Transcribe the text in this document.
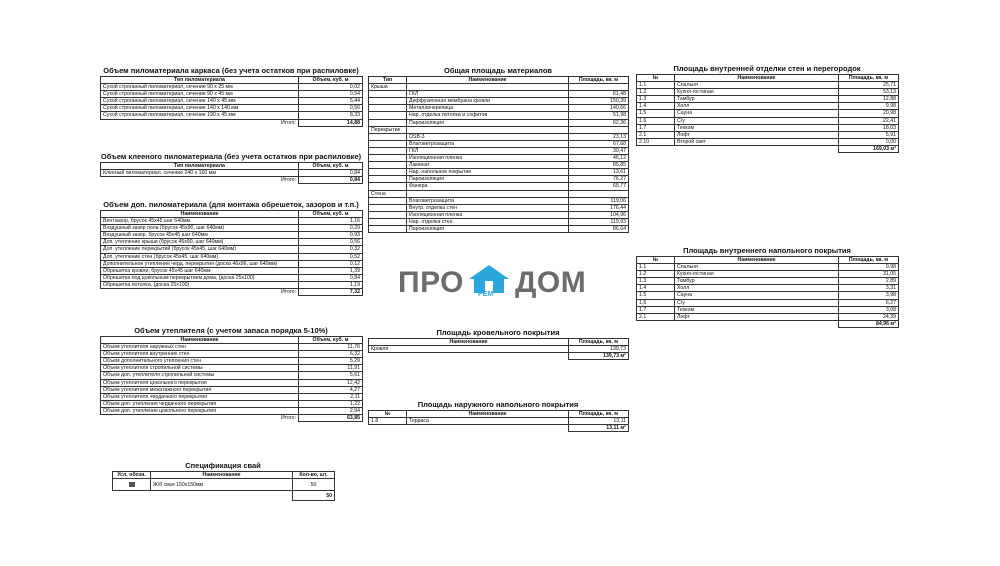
Объем пиломатериала каркаса (без учета остатков при распиловке)
Тип пиломатериала	Объем, куб. м
Сухой строганный пиломатериал, сечение 90 х 25 мм	0,02
Сухой строганный пиломатериал, сечение 90 х 45 мм	0,54
Сухой строганный пиломатериал, сечение 140 х 45 мм	5,44
Сухой строганный пиломатериал, сечение 140 х 140 мм	0,56
Сухой строганный пиломатериал, сечение 190 х 45 мм	8,33
Итого:	14,88
Объем клееного пиломатериала (без учета остатков при распиловке)
Тип пиломатериала	Объем, куб. м
Клееный пиломатериал, сечение 240 х 160 мм	0,84
Итого:	0,84
Объем доп. пиломатериала (для монтажа обрешеток, зазоров и т.п.)
Наименование	Объем, куб. м
Вентзазор, брусок 45х45 шаг 640мм	1,16
Воздушный зазор пола (брусок 45х90, шаг 640мм)	0,29
Воздушный зазор, брусок 45х45 шаг 640мм	0,93
Доп. утепление крыши (брусок 45х90, шаг 640мм)	0,56
Доп. утепление перекрытий (брусок 45х45, шаг 640мм)	0,32
Доп. утепление стен (брусок 45х45, шаг 640мм)	0,52
Дополнительное утепление черд. перекрытия (доска 46х96, шаг 640мм)	0,12
Обрешетка кровли, брусок 45х45 шаг 640мм	1,39
Обрешетка под цокольным перекрытием дома, (доска 25х100)	0,84
Обрешетка потолка, (доска 25х100)	1,19
Итого:	7,32
Объем утеплителя (с учетом запаса порядка 5-10%)
Наименование	Объем, куб. м
Объем утеплителя наружных стен	11,76
Объем утеплителя внутренних стен	6,32
Объем дополнительного утепления стен	5,29
Объем утеплителя стропильной системы	11,91
Объем доп. утеплителя стропильной системы	5,61
Объем утеплителя цокольного перекрытия	12,42
Объем утеплителя межэтажного перекрытия	4,27
Объем утеплителя чердачного перекрытия	2,11
Объем доп. утепления чердачного перекрытия	1,22
Объем доп. утепления цокольного перекрытия	2,94
Итого:	63,85
Спецификация свай
Усл. обозн.	Наименование	Кол-во, шт.
	Ж/б свая 150х150мм	50
		50
Общая площадь материалов
Тип	Наименование	Площадь, кв. м
Крыша		
	ГКЛ	61,48
	Диффузионная мембрана кровли	150,39
	Металлочерепица	140,66
	Нар. отделка потолка и софитов	51,98
	Пароизоляция	62,36
Перекрытие		
	OSB-3	23,13
	Влаговетрозащита	67,68
	ГКЛ	30,47
	Изоляционная пленка	46,12
	Ламинат	85,85
	Нар. напольное покрытие	13,61
	Пароизоляция	76,27
	Фанера	65,77
Стена		
	Влаговетрозащита	119,06
	Внутр. отделка стен	176,44
	Изоляционная пленка	104,96
	Нар. отделка стен	119,93
	Пароизоляция	86,64
ПРО РЕМ ДОМ
Площадь кровельного покрытия
Наименование	Площадь, кв. м
Кровля	139,73
	139,73 м²
Площадь наружного напольного покрытия
№	Наименование	Площадь, кв. м
1.8	Терраса	13,11
		13,11 м²
Площадь внутренней отделки стен и перегородок
№	Наименование	Площадь, кв. м
1.1	Спальня	25,71
1.2	Кухня-гостиная	53,13
1.3	Тамбур	12,88
1.4	Холл	9,98
1.5	Сауна	20,98
1.6	С/у	22,41
1.7	Техком	18,03
2.1	Лофт	5,91
2.10	Второй свет	0,00
		169,03 м²
Площадь внутреннего напольного покрытия
№	Наименование	Площадь, кв. м
1.1	Спальня	9,98
1.2	Кухня-гостиная	31,05
1.3	Тамбур	2,89
1.4	Холл	3,31
1.5	Сауна	3,98
1.6	С/у	6,27
1.7	Техком	3,08
2.1	Лофт	24,39
		84,96 м²
